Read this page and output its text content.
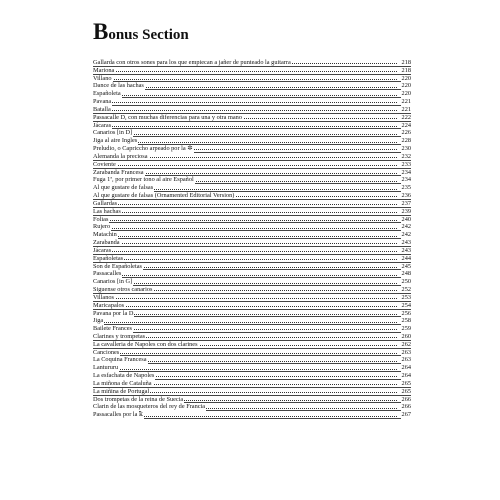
Bonus Section
Gallarda con otros sones para los que empiecan a jañer de punteado la guitarra	218
Mariona	218
Villano	220
Dance de las hachas	220
Españoleta	220
Pavana	221
Batalla	221
Passacalle D, con muchas diferencias para una y otra mano	222
Jácaras	224
Canarios [in D]	226
Jiga al aire Ingles	228
Preludio, o Capriccho arpeado por la ✲	230
Alemanda la preciosa	232
Coviente	233
Zarabanda Francesa	234
Fuga 1ª, por primer tono al aire Español	234
Al que gustare de falsas	235
Al que gustare de falsas (Ornamented Editorial Version)	236
Gallardas	237
Las hachas	239
Folias	240
Rujero	242
Matachin	242
Zarabanda	243
Jácaras	243
Españoletas	244
Son de Españoletas	245
Passacalles	248
Canarios [in G]	250
Siguense otros canarios	252
Villanos	253
Maricapalos	254
Pavana por la D	256
Jiga	258
Bailete Frances	259
Clarines y trompetas	260
La cavalleria de Napoles con dos clarines	262
Canciones	263
La Coquina Francesa	263
Lantururu	264
La esfachata de Napoles	264
La miñona de Cataluña	265
La miñina de Portugal	265
Dos trompetas de la reina de Suecia	266
Clarin de las mosqueteros del rey de Francia	266
Passacalles por la ꝁ	267
